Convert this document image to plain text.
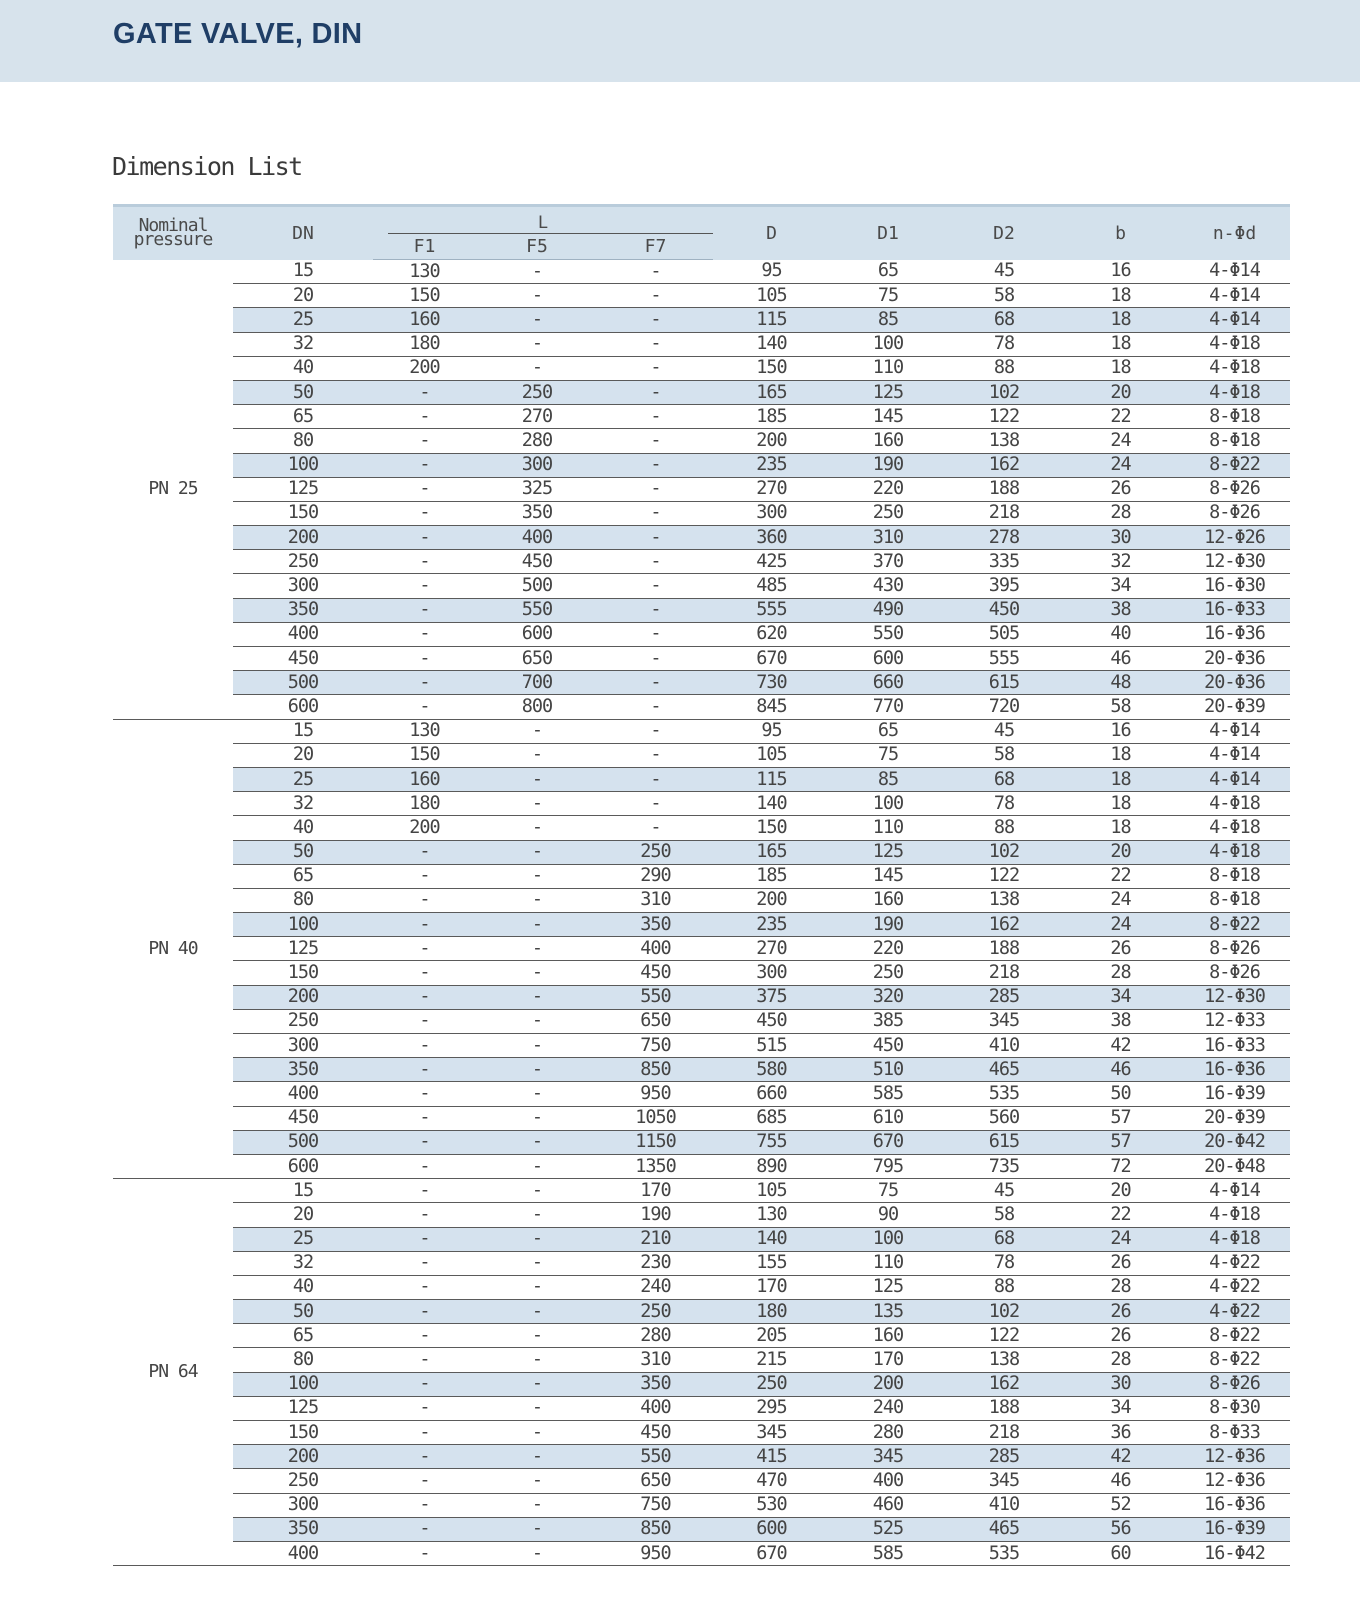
GATE VALVE, DIN
Dimension List
Nominal pressure	DN	L			D	D1	D2	b	n-Φd
		F1	F5	F7					
PN 25	15	130	-	-	95	65	45	16	4-Φ14
	20	150	-	-	105	75	58	18	4-Φ14
	25	160	-	-	115	85	68	18	4-Φ14
	32	180	-	-	140	100	78	18	4-Φ18
	40	200	-	-	150	110	88	18	4-Φ18
	50	-	250	-	165	125	102	20	4-Φ18
	65	-	270	-	185	145	122	22	8-Φ18
	80	-	280	-	200	160	138	24	8-Φ18
	100	-	300	-	235	190	162	24	8-Φ22
	125	-	325	-	270	220	188	26	8-Φ26
	150	-	350	-	300	250	218	28	8-Φ26
	200	-	400	-	360	310	278	30	12-Φ26
	250	-	450	-	425	370	335	32	12-Φ30
	300	-	500	-	485	430	395	34	16-Φ30
	350	-	550	-	555	490	450	38	16-Φ33
	400	-	600	-	620	550	505	40	16-Φ36
	450	-	650	-	670	600	555	46	20-Φ36
	500	-	700	-	730	660	615	48	20-Φ36
	600	-	800	-	845	770	720	58	20-Φ39
PN 40	15	130	-	-	95	65	45	16	4-Φ14
	20	150	-	-	105	75	58	18	4-Φ14
	25	160	-	-	115	85	68	18	4-Φ14
	32	180	-	-	140	100	78	18	4-Φ18
	40	200	-	-	150	110	88	18	4-Φ18
	50	-	-	250	165	125	102	20	4-Φ18
	65	-	-	290	185	145	122	22	8-Φ18
	80	-	-	310	200	160	138	24	8-Φ18
	100	-	-	350	235	190	162	24	8-Φ22
	125	-	-	400	270	220	188	26	8-Φ26
	150	-	-	450	300	250	218	28	8-Φ26
	200	-	-	550	375	320	285	34	12-Φ30
	250	-	-	650	450	385	345	38	12-Φ33
	300	-	-	750	515	450	410	42	16-Φ33
	350	-	-	850	580	510	465	46	16-Φ36
	400	-	-	950	660	585	535	50	16-Φ39
	450	-	-	1050	685	610	560	57	20-Φ39
	500	-	-	1150	755	670	615	57	20-Φ42
	600	-	-	1350	890	795	735	72	20-Φ48
PN 64	15	-	-	170	105	75	45	20	4-Φ14
	20	-	-	190	130	90	58	22	4-Φ18
	25	-	-	210	140	100	68	24	4-Φ18
	32	-	-	230	155	110	78	26	4-Φ22
	40	-	-	240	170	125	88	28	4-Φ22
	50	-	-	250	180	135	102	26	4-Φ22
	65	-	-	280	205	160	122	26	8-Φ22
	80	-	-	310	215	170	138	28	8-Φ22
	100	-	-	350	250	200	162	30	8-Φ26
	125	-	-	400	295	240	188	34	8-Φ30
	150	-	-	450	345	280	218	36	8-Φ33
	200	-	-	550	415	345	285	42	12-Φ36
	250	-	-	650	470	400	345	46	12-Φ36
	300	-	-	750	530	460	410	52	16-Φ36
	350	-	-	850	600	525	465	56	16-Φ39
	400	-	-	950	670	585	535	60	16-Φ42
